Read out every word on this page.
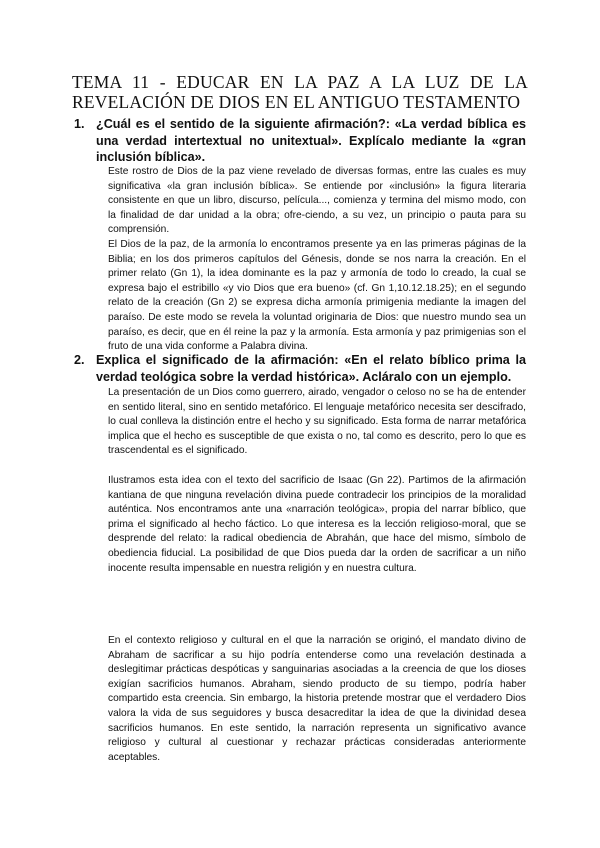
TEMA 11 - EDUCAR EN LA PAZ A LA LUZ DE LA REVELACIÓN DE DIOS EN EL ANTIGUO TESTAMENTO
1. ¿Cuál es el sentido de la siguiente afirmación?: «La verdad bíblica es una verdad intertextual no unitextual». Explícalo mediante la «gran inclusión bíblica».

Este rostro de Dios de la paz viene revelado de diversas formas, entre las cuales es muy significativa «la gran inclusión bíblica». Se entiende por «inclusión» la figura literaria consistente en que un libro, discurso, película..., comienza y termina del mismo modo, con la finalidad de dar unidad a la obra; ofre-ciendo, a su vez, un principio o pauta para su comprensión.

El Dios de la paz, de la armonía lo encontramos presente ya en las primeras páginas de la Biblia; en los dos primeros capítulos del Génesis, donde se nos narra la creación. En el primer relato (Gn 1), la idea dominante es la paz y armonía de todo lo creado, la cual se expresa bajo el estribillo «y vio Dios que era bueno» (cf. Gn 1,10.12.18.25); en el segundo relato de la creación (Gn 2) se expresa dicha armonía primigenia mediante la imagen del paraíso. De este modo se revela la voluntad originaria de Dios: que nuestro mundo sea un paraíso, es decir, que en él reine la paz y la armonía. Esta armonía y paz primigenias son el fruto de una vida conforme a Palabra divina.

2. Explica el significado de la afirmación: «En el relato bíblico prima la verdad teológica sobre la verdad histórica». Acláralo con un ejemplo.

La presentación de un Dios como guerrero, airado, vengador o celoso no se ha de entender en sentido literal, sino en sentido metafórico. El lenguaje metafórico necesita ser descifrado, lo cual conlleva la distinción entre el hecho y su significado. Esta forma de narrar metafórica implica que el hecho es susceptible de que exista o no, tal como es descrito, pero lo que es trascendental es el significado.

Ilustramos esta idea con el texto del sacrificio de Isaac (Gn 22). Partimos de la afirmación kantiana de que ninguna revelación divina puede contradecir los principios de la moralidad auténtica. Nos encontramos ante una «narración teológica», propia del narrar bíblico, que prima el significado al hecho fáctico. Lo que interesa es la lección religioso-moral, que se desprende del relato: la radical obediencia de Abrahán, que hace del mismo, símbolo de obediencia fiducial. La posibilidad de que Dios pueda dar la orden de sacrificar a un niño inocente resulta impensable en nuestra religión y en nuestra cultura.

En el contexto religioso y cultural en el que la narración se originó, el mandato divino de Abraham de sacrificar a su hijo podría entenderse como una revelación destinada a deslegitimar prácticas despóticas y sanguinarias asociadas a la creencia de que los dioses exigían sacrificios humanos. Abraham, siendo producto de su tiempo, podría haber compartido esta creencia. Sin embargo, la historia pretende mostrar que el verdadero Dios valora la vida de sus seguidores y busca desacreditar la idea de que la divinidad desea sacrificios humanos. En este sentido, la narración representa un significativo avance religioso y cultural al cuestionar y rechazar prácticas consideradas anteriormente aceptables.
